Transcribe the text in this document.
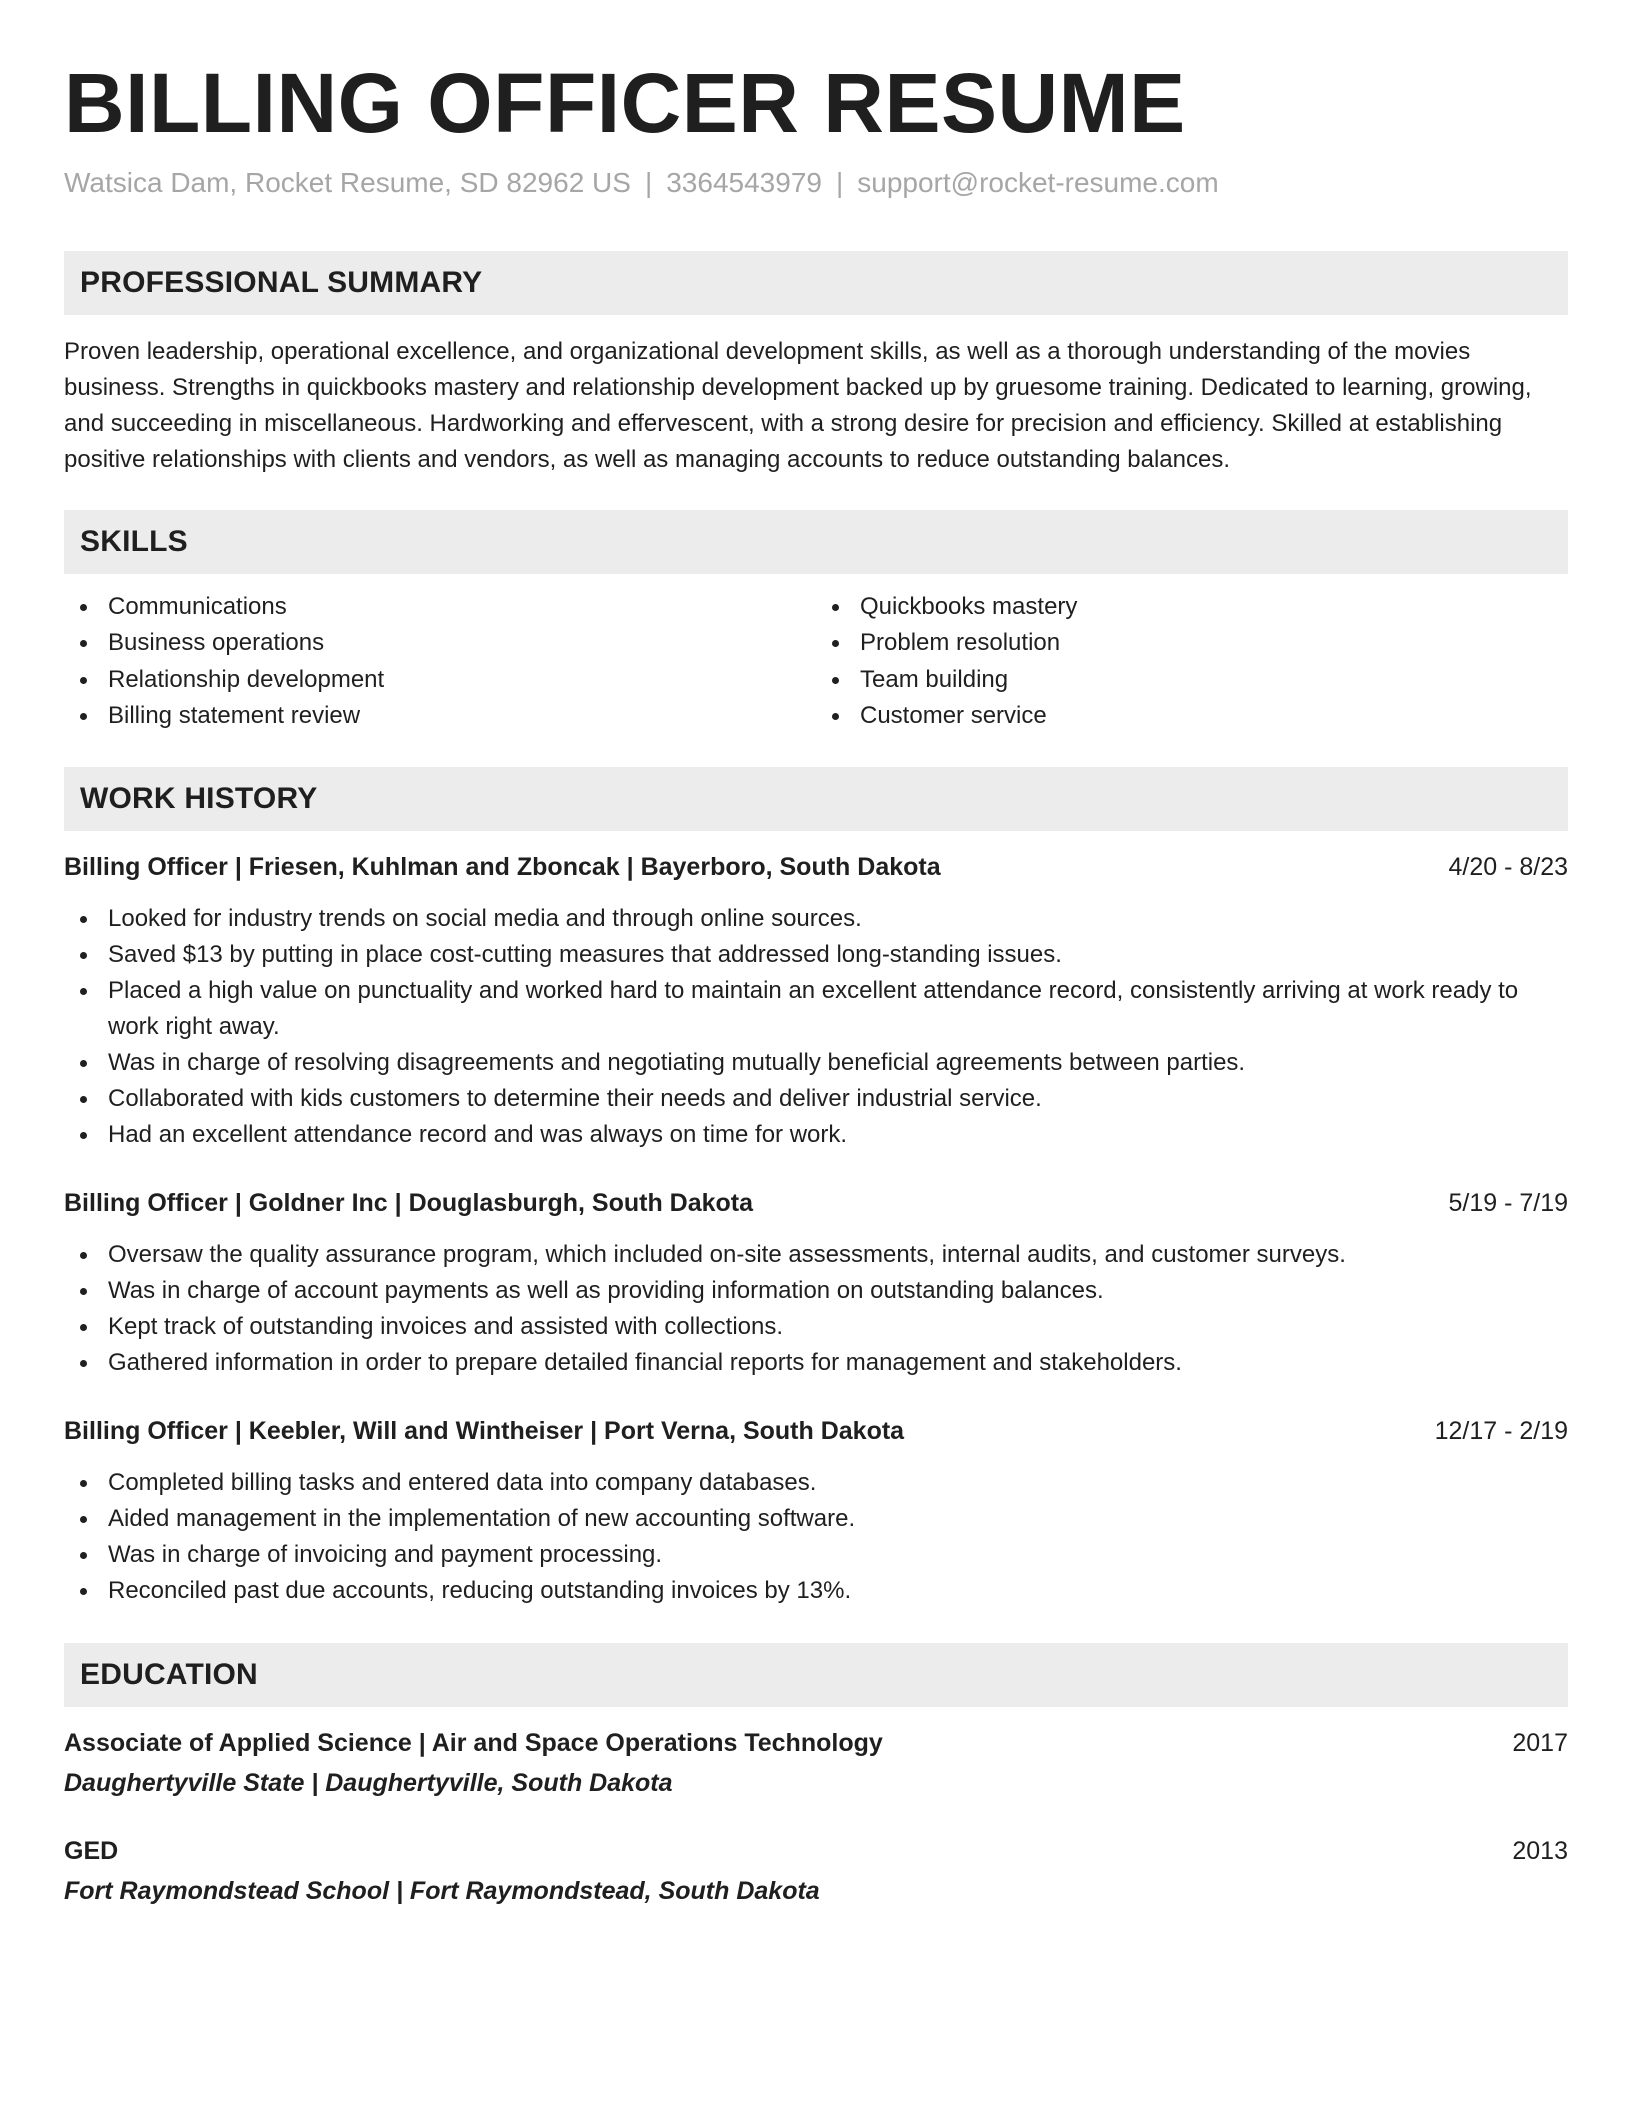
BILLING OFFICER RESUME
Watsica Dam, Rocket Resume, SD 82962 US | 3364543979 | support@rocket-resume.com
PROFESSIONAL SUMMARY

Proven leadership, operational excellence, and organizational development skills, as well as a thorough understanding of the movies business. Strengths in quickbooks mastery and relationship development backed up by gruesome training. Dedicated to learning, growing, and succeeding in miscellaneous. Hardworking and effervescent, with a strong desire for precision and efficiency. Skilled at establishing positive relationships with clients and vendors, as well as managing accounts to reduce outstanding balances.

SKILLS
Communications
Business operations
Relationship development
Billing statement review
Quickbooks mastery
Problem resolution
Team building
Customer service
WORK HISTORY
Billing Officer | Friesen, Kuhlman and Zboncak | Bayerboro, South Dakota	4/20 - 8/23
Looked for industry trends on social media and through online sources.
Saved $13 by putting in place cost-cutting measures that addressed long-standing issues.
Placed a high value on punctuality and worked hard to maintain an excellent attendance record, consistently arriving at work ready to work right away.
Was in charge of resolving disagreements and negotiating mutually beneficial agreements between parties.
Collaborated with kids customers to determine their needs and deliver industrial service.
Had an excellent attendance record and was always on time for work.
Billing Officer | Goldner Inc | Douglasburgh, South Dakota	5/19 - 7/19
Oversaw the quality assurance program, which included on-site assessments, internal audits, and customer surveys.
Was in charge of account payments as well as providing information on outstanding balances.
Kept track of outstanding invoices and assisted with collections.
Gathered information in order to prepare detailed financial reports for management and stakeholders.
Billing Officer | Keebler, Will and Wintheiser | Port Verna, South Dakota	12/17 - 2/19
Completed billing tasks and entered data into company databases.
Aided management in the implementation of new accounting software.
Was in charge of invoicing and payment processing.
Reconciled past due accounts, reducing outstanding invoices by 13%.
EDUCATION
Associate of Applied Science | Air and Space Operations Technology	2017
Daughertyville State | Daughertyville, South Dakota
GED	2013
Fort Raymondstead School | Fort Raymondstead, South Dakota
